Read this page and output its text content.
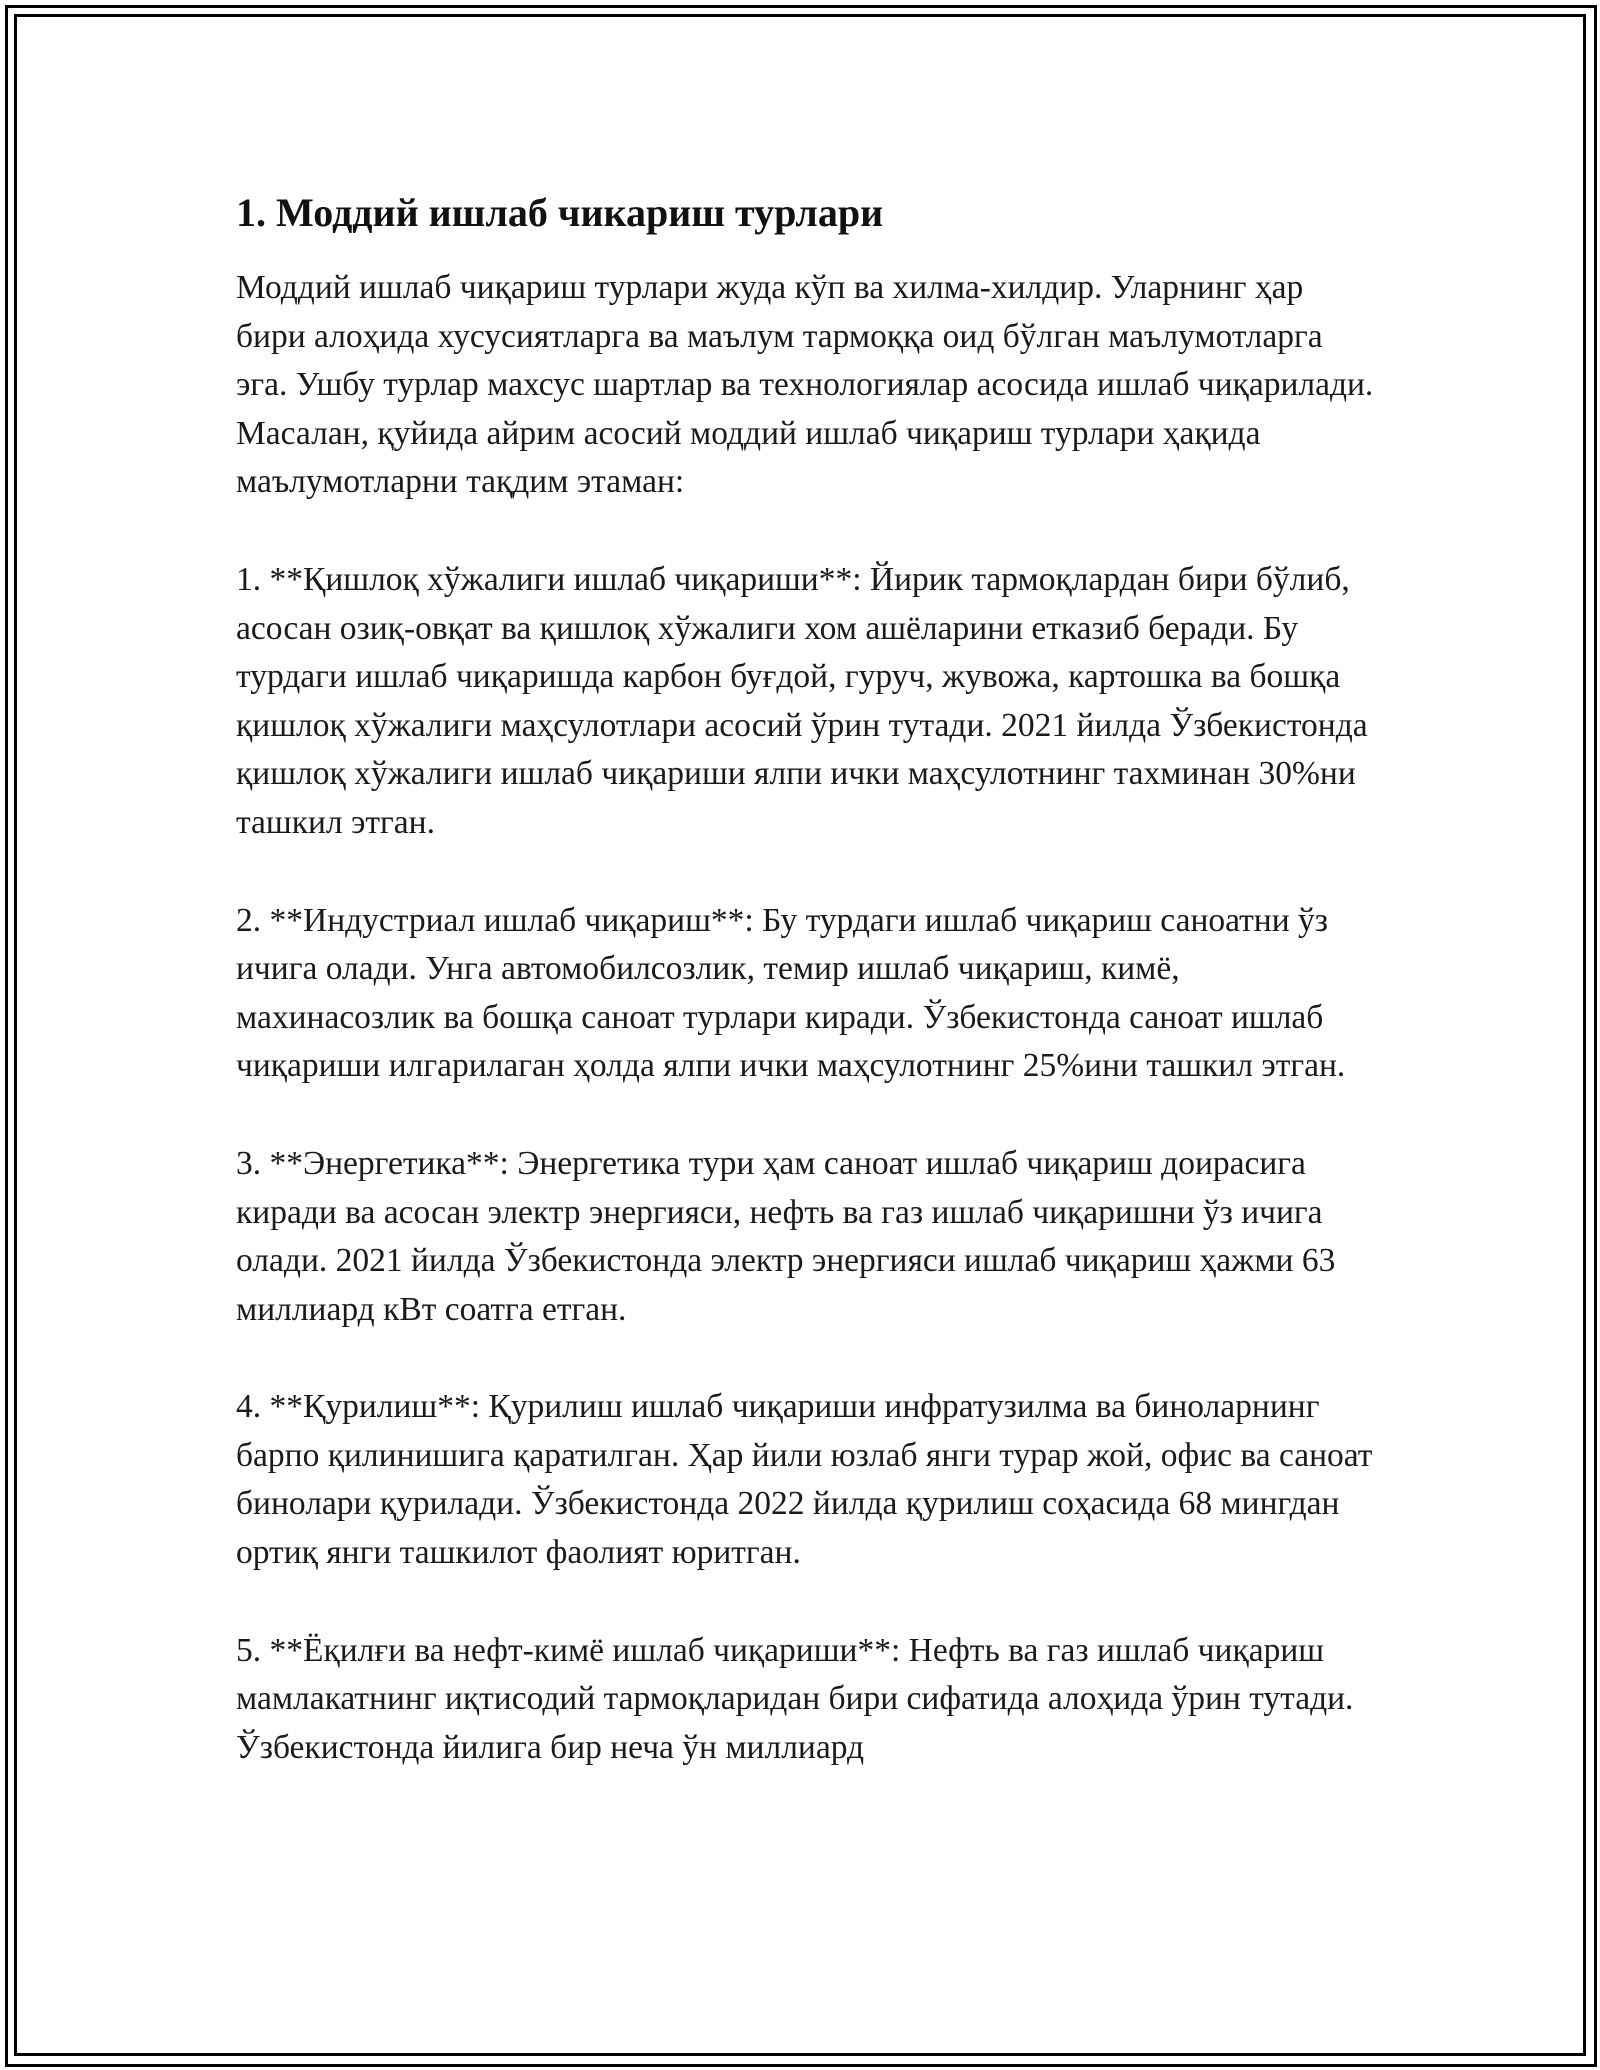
1. Моддий ишлаб чикариш турлари

Моддий ишлаб чиқариш турлари жуда кўп ва хилма-хилдир. Уларнинг ҳар бири алоҳида хусусиятларга ва маълум тармоққа оид бўлган маълумотларга эга. Ушбу турлар махсус шартлар ва технологиялар асосида ишлаб чиқарилади. Масалан, қуйида айрим асосий моддий ишлаб чиқариш турлари ҳақида маълумотларни тақдим этаман:

1. **Қишлоқ хўжалиги ишлаб чиқариши**: Йирик тармоқлардан бири бўлиб, асосан озиқ-овқат ва қишлоқ хўжалиги хом ашёларини етказиб беради. Бу турдаги ишлаб чиқаришда карбон буғдой, гуруч, жувожа, картошка ва бошқа қишлоқ хўжалиги маҳсулотлари асосий ўрин тутади. 2021 йилда Ўзбекистонда қишлоқ хўжалиги ишлаб чиқариши ялпи ички маҳсулотнинг тахминан 30%ни ташкил этган.

2. **Индустриал ишлаб чиқариш**: Бу турдаги ишлаб чиқариш саноатни ўз ичига олади. Унга автомобилсозлик, темир ишлаб чиқариш, кимё, махинасозлик ва бошқа саноат турлари киради. Ўзбекистонда саноат ишлаб чиқариши илгарилаган ҳолда ялпи ички маҳсулотнинг 25%ини ташкил этган.

3. **Энергетика**: Энергетика тури ҳам саноат ишлаб чиқариш доирасига киради ва асосан электр энергияси, нефть ва газ ишлаб чиқаришни ўз ичига олади. 2021 йилда Ўзбекистонда электр энергияси ишлаб чиқариш ҳажми 63 миллиард кВт соатга етган.

4. **Қурилиш**: Қурилиш ишлаб чиқариши инфратузилма ва биноларнинг барпо қилинишига қаратилган. Ҳар йили юзлаб янги турар жой, офис ва саноат бинолари қурилади. Ўзбекистонда 2022 йилда қурилиш соҳасида 68 мингдан ортиқ янги ташкилот фаолият юритган.

5. **Ёқилғи ва нефт-кимё ишлаб чиқариши**: Нефть ва газ ишлаб чиқариш мамлакатнинг иқтисодий тармоқларидан бири сифатида алоҳида ўрин тутади. Ўзбекистонда йилига бир неча ўн миллиард
